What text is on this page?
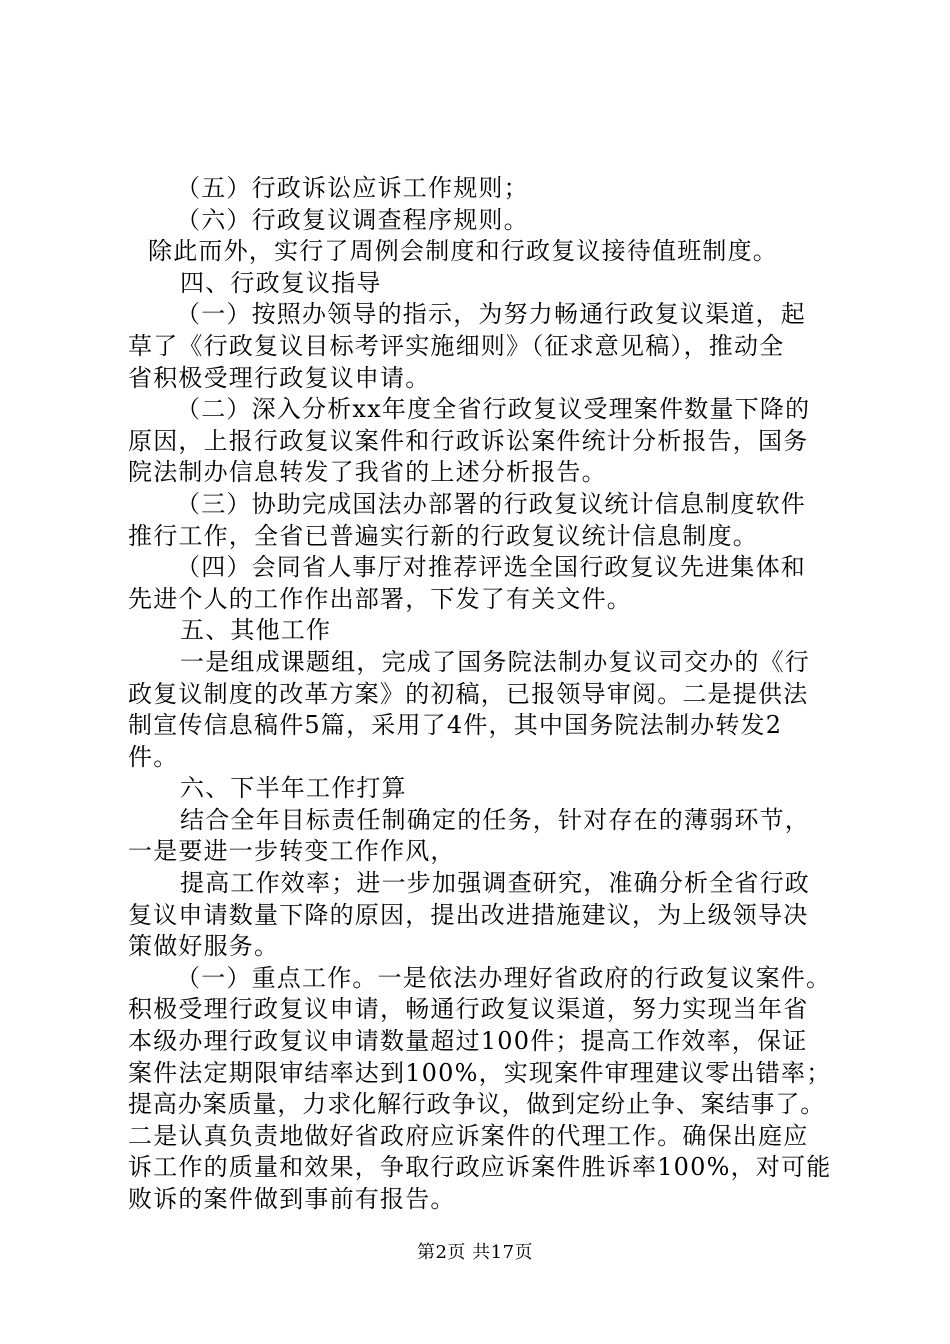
（五）行政诉讼应诉工作规则；
（六）行政复议调查程序规则。
除此而外，实行了周例会制度和行政复议接待值班制度。
四、行政复议指导
（一）按照办领导的指示，为努力畅通行政复议渠道，起
草了《行政复议目标考评实施细则》（征求意见稿），推动全
省积极受理行政复议申请。
（二）深入分析xx年度全省行政复议受理案件数量下降的
原因，上报行政复议案件和行政诉讼案件统计分析报告，国务
院法制办信息转发了我省的上述分析报告。
（三）协助完成国法办部署的行政复议统计信息制度软件
推行工作，全省已普遍实行新的行政复议统计信息制度。
（四）会同省人事厅对推荐评选全国行政复议先进集体和
先进个人的工作作出部署，下发了有关文件。
五、其他工作
一是组成课题组，完成了国务院法制办复议司交办的《行
政复议制度的改革方案》的初稿，已报领导审阅。二是提供法
制宣传信息稿件5篇，采用了4件，其中国务院法制办转发2
件。
六、下半年工作打算
结合全年目标责任制确定的任务，针对存在的薄弱环节，
一是要进一步转变工作作风，
提高工作效率；进一步加强调查研究，准确分析全省行政
复议申请数量下降的原因，提出改进措施建议，为上级领导决
策做好服务。
（一）重点工作。一是依法办理好省政府的行政复议案件。
积极受理行政复议申请，畅通行政复议渠道，努力实现当年省
本级办理行政复议申请数量超过100件；提高工作效率，保证
案件法定期限审结率达到100%，实现案件审理建议零出错率；
提高办案质量，力求化解行政争议，做到定纷止争、案结事了。
二是认真负责地做好省政府应诉案件的代理工作。确保出庭应
诉工作的质量和效果，争取行政应诉案件胜诉率100%，对可能
败诉的案件做到事前有报告。
第2页 共17页
